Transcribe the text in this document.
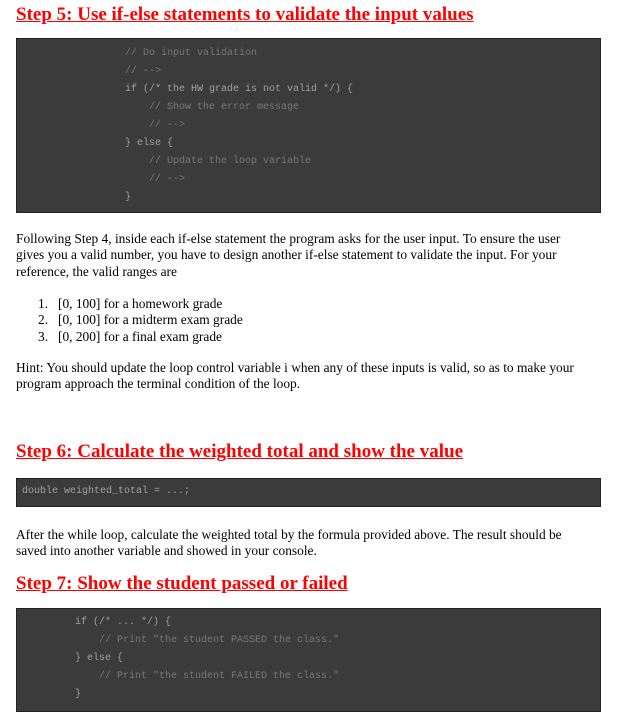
Step 5: Use if-else statements to validate the input values
// Do input validation
// -->
if (/* the HW grade is not valid */) {
// Show the error message
// -->
} else {
// Update the loop variable
// -->
}
Following Step 4, inside each if-else statement the program asks for the user input. To ensure the user gives you a valid number, you have to design another if-else statement to validate the input. For your reference, the valid ranges are
1. [0, 100] for a homework grade
2. [0, 100] for a midterm exam grade
3. [0, 200] for a final exam grade
Hint: You should update the loop control variable i when any of these inputs is valid, so as to make your program approach the terminal condition of the loop.
Step 6: Calculate the weighted total and show the value
double weighted_total = ...;
After the while loop, calculate the weighted total by the formula provided above. The result should be saved into another variable and showed in your console.
Step 7: Show the student passed or failed
if (/* ... */) {
// Print "the student PASSED the class."
} else {
// Print "the student FAILED the class."
}
